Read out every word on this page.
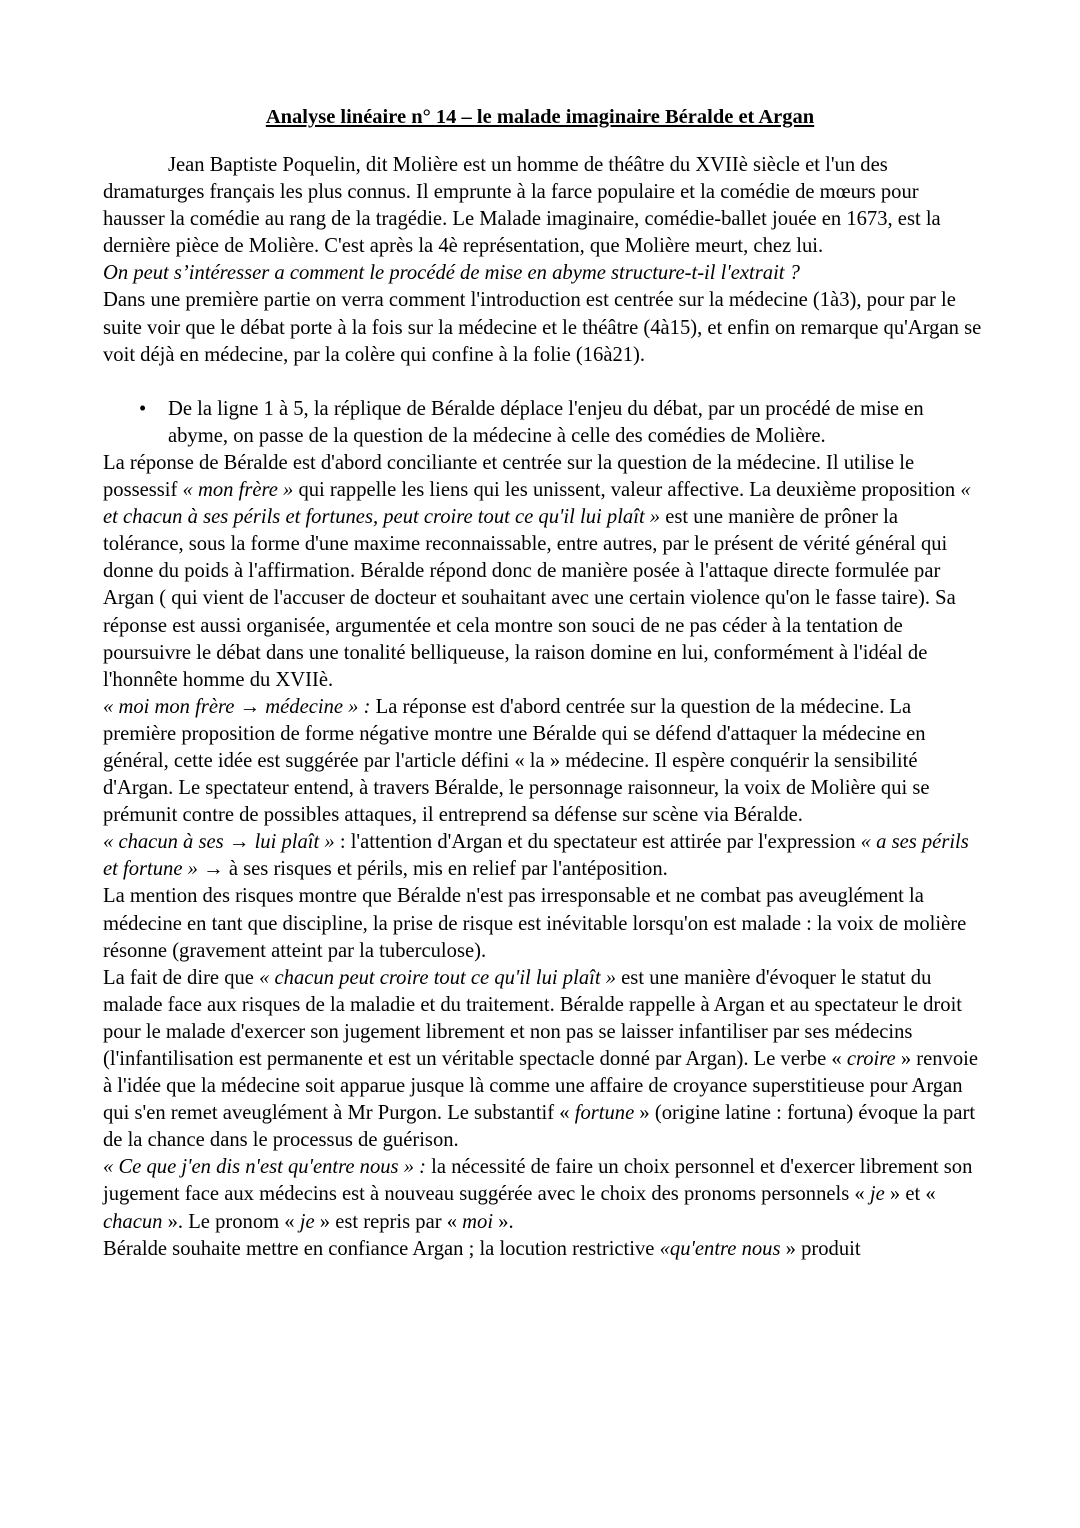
Analyse linéaire n° 14 – le malade imaginaire Béralde et Argan

Jean Baptiste Poquelin, dit Molière est un homme de théâtre du XVIIè siècle et l'un des dramaturges français les plus connus. Il emprunte à la farce populaire et la comédie de mœurs pour hausser la comédie au rang de la tragédie. Le Malade imaginaire, comédie-ballet jouée en 1673, est la dernière pièce de Molière. C'est après la 4è représentation, que Molière meurt, chez lui.

On peut s’intéresser a comment le procédé de mise en abyme structure-t-il l'extrait ?

Dans une première partie on verra comment l'introduction est centrée sur la médecine (1à3), pour par le suite voir que le débat porte à la fois sur la médecine et le théâtre (4à15), et enfin on remarque qu'Argan se voit déjà en médecine, par la colère qui confine à la folie (16à21).

• De la ligne 1 à 5, la réplique de Béralde déplace l'enjeu du débat, par un procédé de mise en abyme, on passe de la question de la médecine à celle des comédies de Molière.

La réponse de Béralde est d'abord conciliante et centrée sur la question de la médecine. Il utilise le possessif « mon frère » qui rappelle les liens qui les unissent, valeur affective. La deuxième proposition « et chacun à ses périls et fortunes, peut croire tout ce qu'il lui plaît » est une manière de prôner la tolérance, sous la forme d'une maxime reconnaissable, entre autres, par le présent de vérité général qui donne du poids à l'affirmation. Béralde répond donc de manière posée à l'attaque directe formulée par Argan ( qui vient de l'accuser de docteur et souhaitant avec une certain violence qu'on le fasse taire). Sa réponse est aussi organisée, argumentée et cela montre son souci de ne pas céder à la tentation de poursuivre le débat dans une tonalité belliqueuse, la raison domine en lui, conformément à l'idéal de l'honnête homme du XVIIè.

« moi mon frère → médecine » : La réponse est d'abord centrée sur la question de la médecine. La première proposition de forme négative montre une Béralde qui se défend d'attaquer la médecine en général, cette idée est suggérée par l'article défini « la » médecine. Il espère conquérir la sensibilité d'Argan. Le spectateur entend, à travers Béralde, le personnage raisonneur, la voix de Molière qui se prémunit contre de possibles attaques, il entreprend sa défense sur scène via Béralde.

« chacun à ses → lui plaît » : l'attention d'Argan et du spectateur est attirée par l'expression « a ses périls et fortune » → à ses risques et périls, mis en relief par l'antéposition.

La mention des risques montre que Béralde n'est pas irresponsable et ne combat pas aveuglément la médecine en tant que discipline, la prise de risque est inévitable lorsqu'on est malade : la voix de molière résonne (gravement atteint par la tuberculose).

La fait de dire que « chacun peut croire tout ce qu'il lui plaît » est une manière d'évoquer le statut du malade face aux risques de la maladie et du traitement. Béralde rappelle à Argan et au spectateur le droit pour le malade d'exercer son jugement librement et non pas se laisser infantiliser par ses médecins (l'infantilisation est permanente et est un véritable spectacle donné par Argan). Le verbe « croire » renvoie à l'idée que la médecine soit apparue jusque là comme une affaire de croyance superstitieuse pour Argan qui s'en remet aveuglément à Mr Purgon. Le substantif « fortune » (origine latine : fortuna) évoque la part de la chance dans le processus de guérison.

« Ce que j'en dis n'est qu'entre nous » : la nécessité de faire un choix personnel et d'exercer librement son jugement face aux médecins est à nouveau suggérée avec le choix des pronoms personnels « je » et « chacun ». Le pronom « je » est repris par « moi ».

Béralde souhaite mettre en confiance Argan ; la locution restrictive «qu'entre nous » produit
